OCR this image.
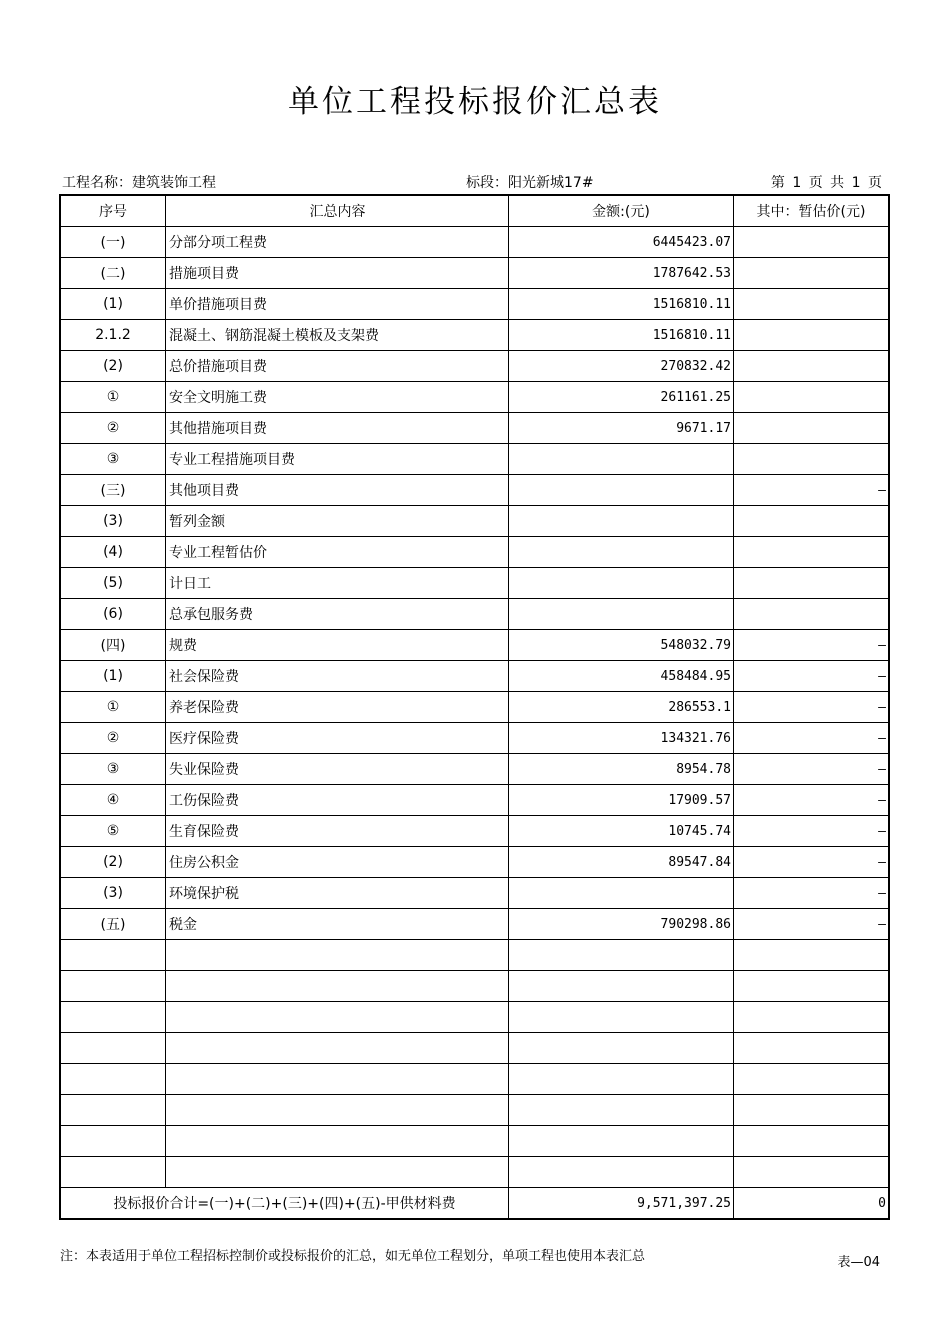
单位工程投标报价汇总表
工程名称：建筑装饰工程	标段：阳光新城17#	第 1 页 共 1 页
序号	汇总内容	金额:(元)	其中：暂估价(元)
(一)	分部分项工程费	6445423.07	
(二)	措施项目费	1787642.53	
(1)	单价措施项目费	1516810.11	
2.1.2	混凝土、钢筋混凝土模板及支架费	1516810.11	
(2)	总价措施项目费	270832.42	
①	安全文明施工费	261161.25	
②	其他措施项目费	9671.17	
③	专业工程措施项目费		
(三)	其他项目费		—
(3)	暂列金额		
(4)	专业工程暂估价		
(5)	计日工		
(6)	总承包服务费		
(四)	规费	548032.79	—
(1)	社会保险费	458484.95	—
①	养老保险费	286553.1	—
②	医疗保险费	134321.76	—
③	失业保险费	8954.78	—
④	工伤保险费	17909.57	—
⑤	生育保险费	10745.74	—
(2)	住房公积金	89547.84	—
(3)	环境保护税		—
(五)	税金	790298.86	—

投标报价合计=(一)+(二)+(三)+(四)+(五)-甲供材料费		9,571,397.25	0
注：本表适用于单位工程招标控制价或投标报价的汇总，如无单位工程划分，单项工程也使用本表汇总	表—04
